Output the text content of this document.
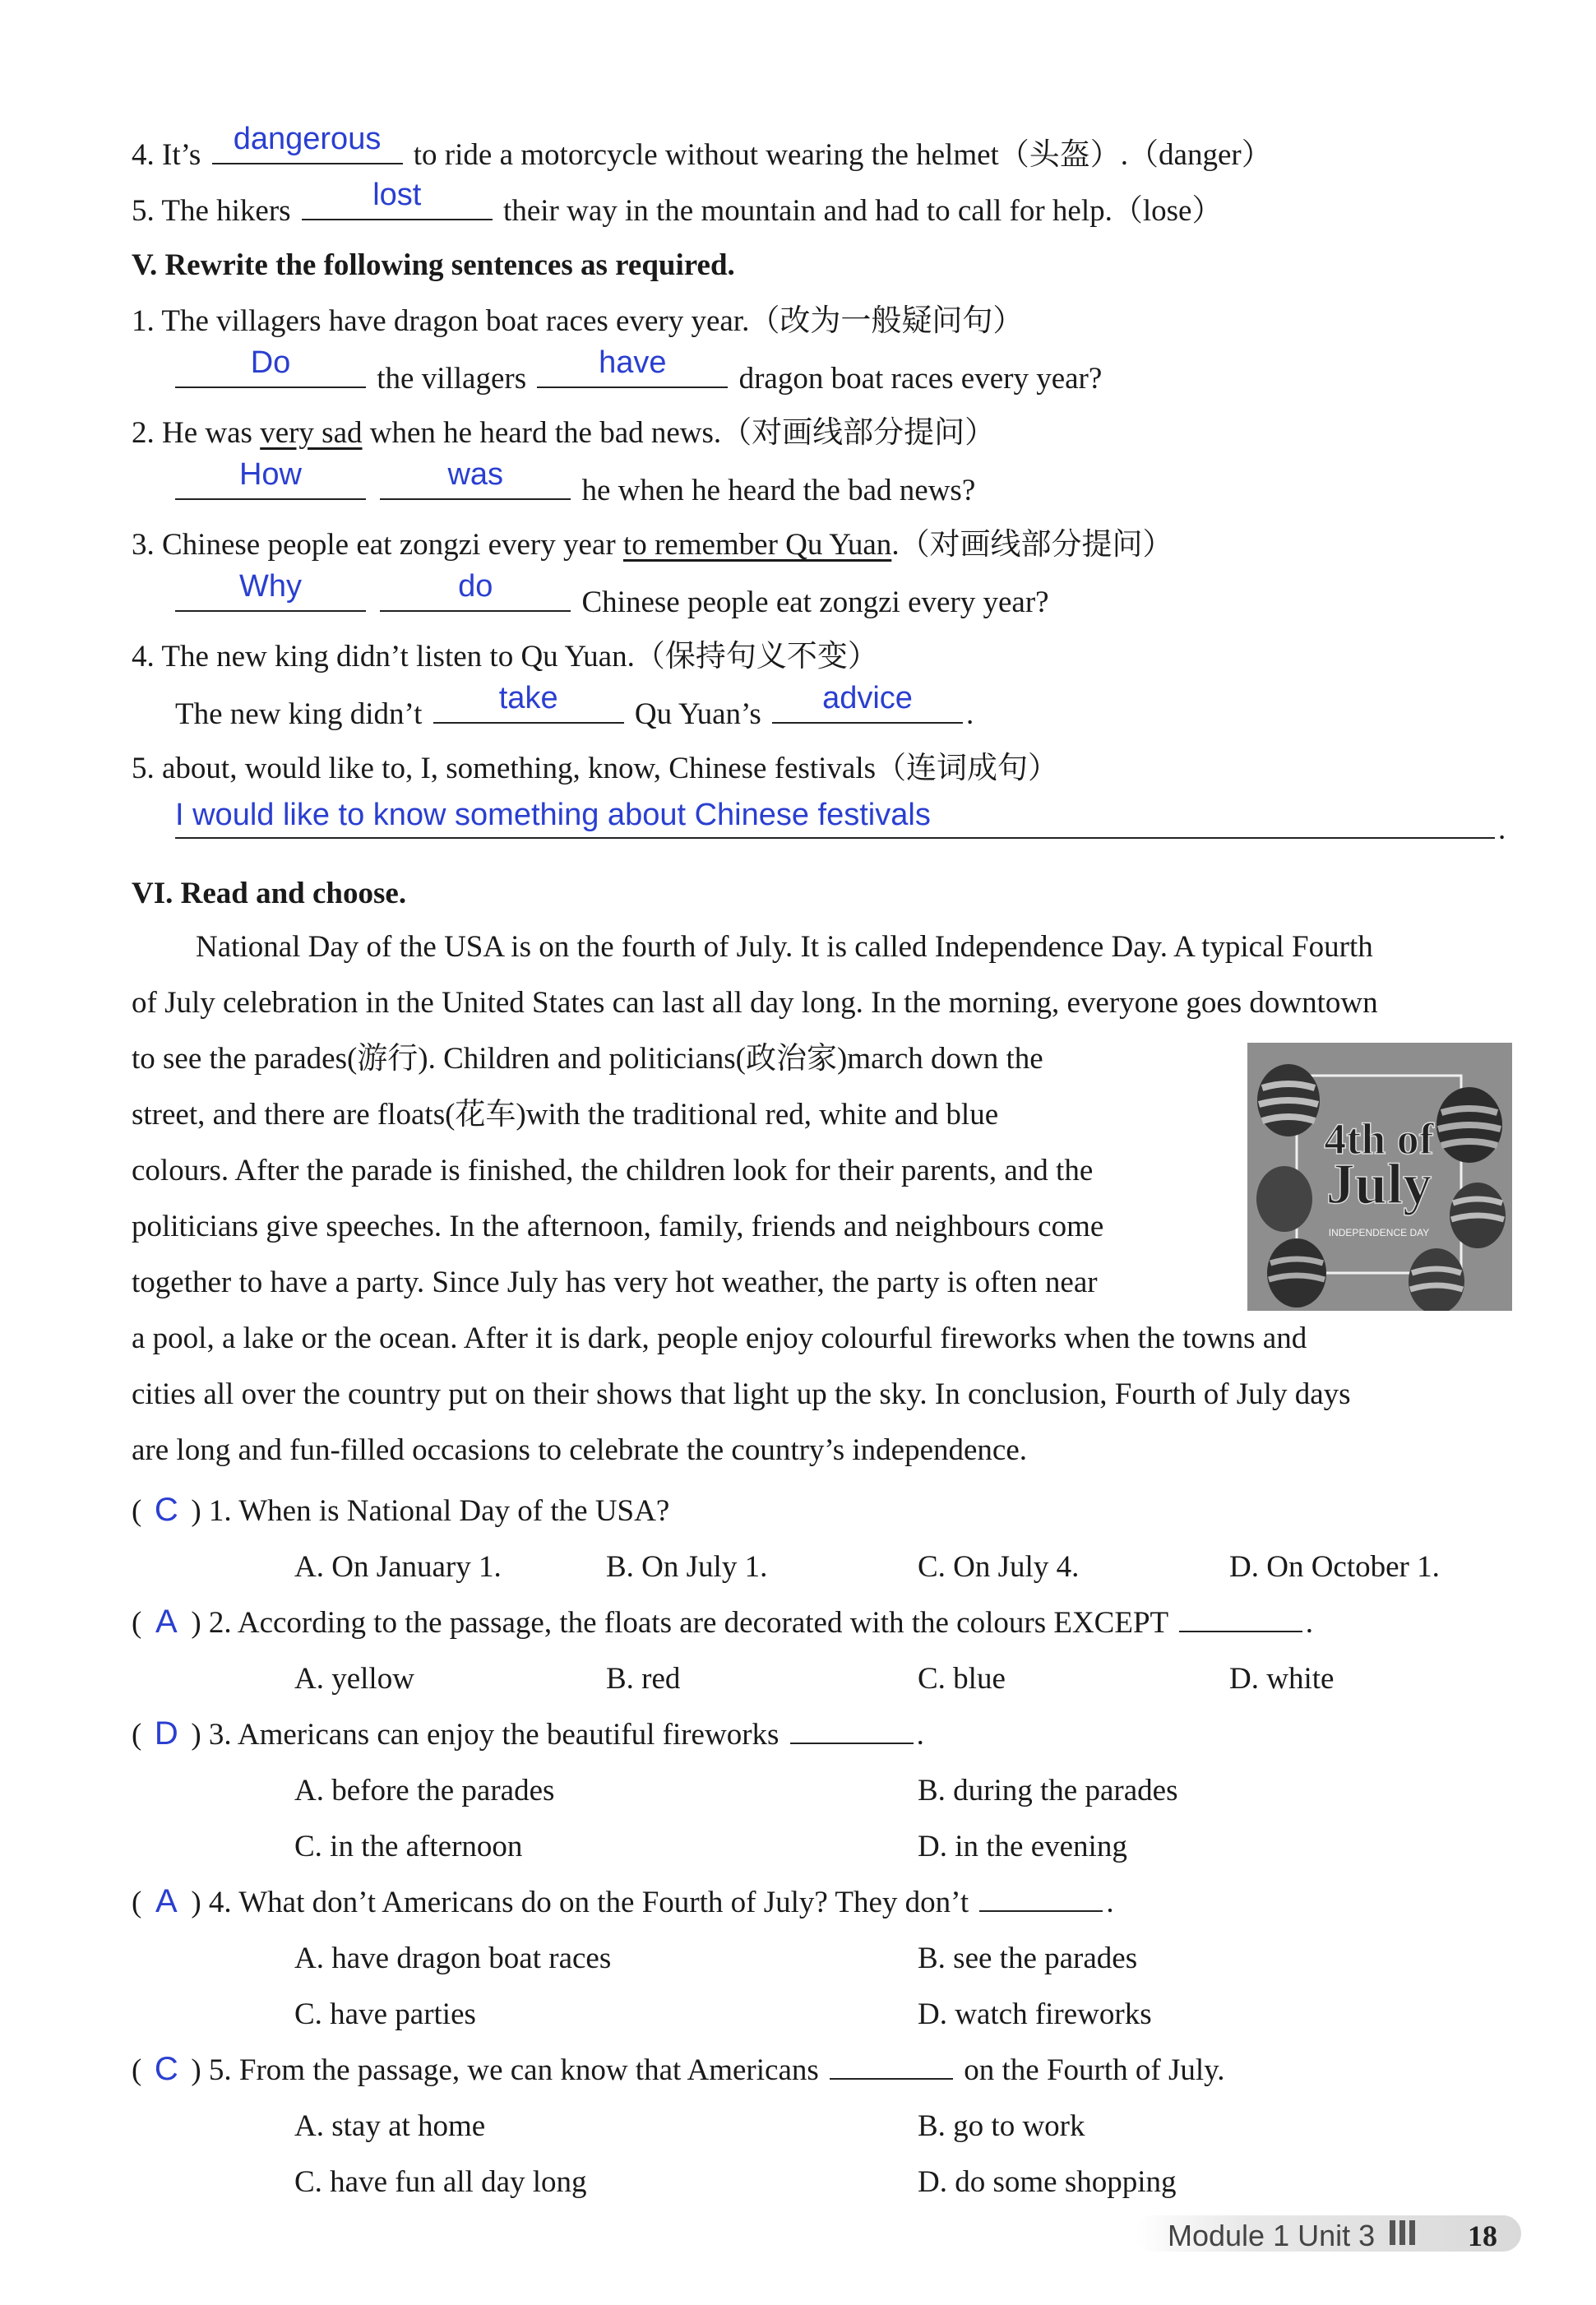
4. It’s	dangerous	to ride a motorcycle without wearing the helmet（头盔）.（danger）
5. The hikers	lost	their way in the mountain and had to call for help.（lose）
V. Rewrite the following sentences as required.
1. The villagers have dragon boat races every year.（改为一般疑问句）
Do	the villagers	have	dragon boat races every year?
2. He was very sad when he heard the bad news.（对画线部分提问）
How
	was	he when he heard the bad news?
3. Chinese people eat zongzi every year to remember Qu Yuan.（对画线部分提问）
Why
	do	Chinese people eat zongzi every year?
4. The new king didn’t listen to Qu Yuan.（保持句义不变）
The new king didn’t	take	Qu Yuan’s	advice	.
5. about, would like to, I, something, know, Chinese festivals（连词成句）
I would like to know something about Chinese festivals	.
VI. Read and choose.
National Day of the USA is on the fourth of July. It is called Independence Day. A typical Fourth
of July celebration in the United States can last all day long. In the morning, everyone goes downtown
to see the parades(游行). Children and politicians(政治家)march down the
street, and there are floats(花车)with the traditional red, white and blue
colours. After the parade is finished, the children look for their parents, and the
politicians give speeches. In the afternoon, family, friends and neighbours come
together to have a party. Since July has very hot weather, the party is often near
a pool, a lake or the ocean. After it is dark, people enjoy colourful fireworks when the towns and
cities all over the country put on their shows that light up the sky. In conclusion, Fourth of July days
are long and fun-filled occasions to celebrate the country’s independence.
4th of
July
INDEPENDENCE DAY
( C ) 1. When is National Day of the USA?
A. On January 1.	B. On July 1.	C. On July 4.	D. On October 1.
( A ) 2. According to the passage, the floats are decorated with the colours EXCEPT	.
A. yellow	B. red	C. blue	D. white
( D ) 3. Americans can enjoy the beautiful fireworks	.
A. before the parades	B. during the parades
C. in the afternoon	D. in the evening
( A ) 4. What don’t Americans do on the Fourth of July? They don’t	.
A. have dragon boat races	B. see the parades
C. have parties	D. watch fireworks
( C ) 5. From the passage, we can know that Americans	on the Fourth of July.
A. stay at home	B. go to work
C. have fun all day long	D. do some shopping
Module 1 Unit 3	18
